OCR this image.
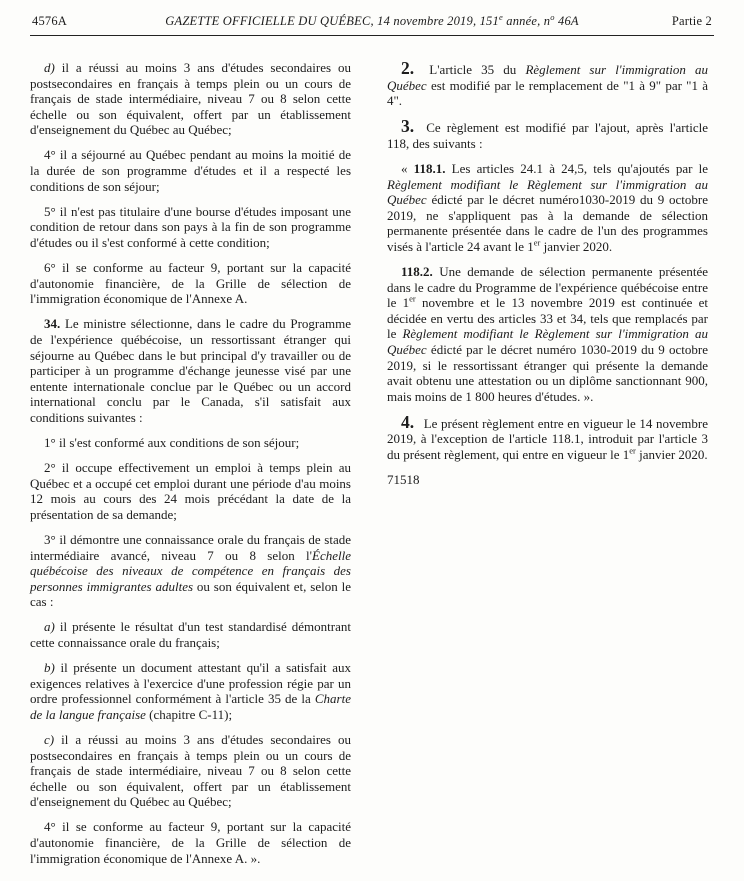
4576A	GAZETTE OFFICIELLE DU QUÉBEC, 14 novembre 2019, 151e année, $n^o$ 46A	Partie 2

d) il a réussi au moins 3 ans d'études secondaires ou postsecondaires en français à temps plein ou un cours de français de stade intermédiaire, niveau 7 ou 8 selon cette échelle ou son équivalent, offert par un établissement d'enseignement du Québec au Québec;

4° il a séjourné au Québec pendant au moins la moitié de la durée de son programme d'études et il a respecté les conditions de son séjour;

5° il n'est pas titulaire d'une bourse d'études imposant une condition de retour dans son pays à la fin de son programme d'études ou il s'est conformé à cette condition;

6° il se conforme au facteur 9, portant sur la capacité d'autonomie financière, de la Grille de sélection de l'immigration économique de l'Annexe A.

34. Le ministre sélectionne, dans le cadre du Programme de l'expérience québécoise, un ressortissant étranger qui séjourne au Québec dans le but principal d'y travailler ou de participer à un programme d'échange jeunesse visé par une entente internationale conclue par le Québec ou un accord international conclu par le Canada, s'il satisfait aux conditions suivantes :

1° il s'est conformé aux conditions de son séjour;

2° il occupe effectivement un emploi à temps plein au Québec et a occupé cet emploi durant une période d'au moins 12 mois au cours des 24 mois précédant la date de la présentation de sa demande;

3° il démontre une connaissance orale du français de stade intermédiaire avancé, niveau 7 ou 8 selon l'Échelle québécoise des niveaux de compétence en français des personnes immigrantes adultes ou son équivalent et, selon le cas :

a) il présente le résultat d'un test standardisé démontrant cette connaissance orale du français;

b) il présente un document attestant qu'il a satisfait aux exigences relatives à l'exercice d'une profession régie par un ordre professionnel conformément à l'article 35 de la Charte de la langue française (chapitre C-11);

c) il a réussi au moins 3 ans d'études secondaires ou postsecondaires en français à temps plein ou un cours de français de stade intermédiaire, niveau 7 ou 8 selon cette échelle ou son équivalent, offert par un établissement d'enseignement du Québec au Québec;

4° il se conforme au facteur 9, portant sur la capacité d'autonomie financière, de la Grille de sélection de l'immigration économique de l'Annexe A. ».

2. L'article 35 du Règlement sur l'immigration au Québec est modifié par le remplacement de "1 à 9" par "1 à 4".

3. Ce règlement est modifié par l'ajout, après l'article 118, des suivants :

« 118.1. Les articles 24.1 à 24,5, tels qu'ajoutés par le Règlement modifiant le Règlement sur l'immigration au Québec édicté par le décret numéro1030-2019 du 9 octobre 2019, ne s'appliquent pas à la demande de sélection permanente présentée dans le cadre de l'un des programmes visés à l'article 24 avant le 1er janvier 2020.

118.2. Une demande de sélection permanente présentée dans le cadre du Programme de l'expérience québécoise entre le 1er novembre et le 13 novembre 2019 est continuée et décidée en vertu des articles 33 et 34, tels que remplacés par le Règlement modifiant le Règlement sur l'immigration au Québec édicté par le décret numéro 1030-2019 du 9 octobre 2019, si le ressortissant étranger qui présente la demande avait obtenu une attestation ou un diplôme sanctionnant 900, mais moins de 1 800 heures d'études. ».

4. Le présent règlement entre en vigueur le 14 novembre 2019, à l'exception de l'article 118.1, introduit par l'article 3 du présent règlement, qui entre en vigueur le 1er janvier 2020.

71518
